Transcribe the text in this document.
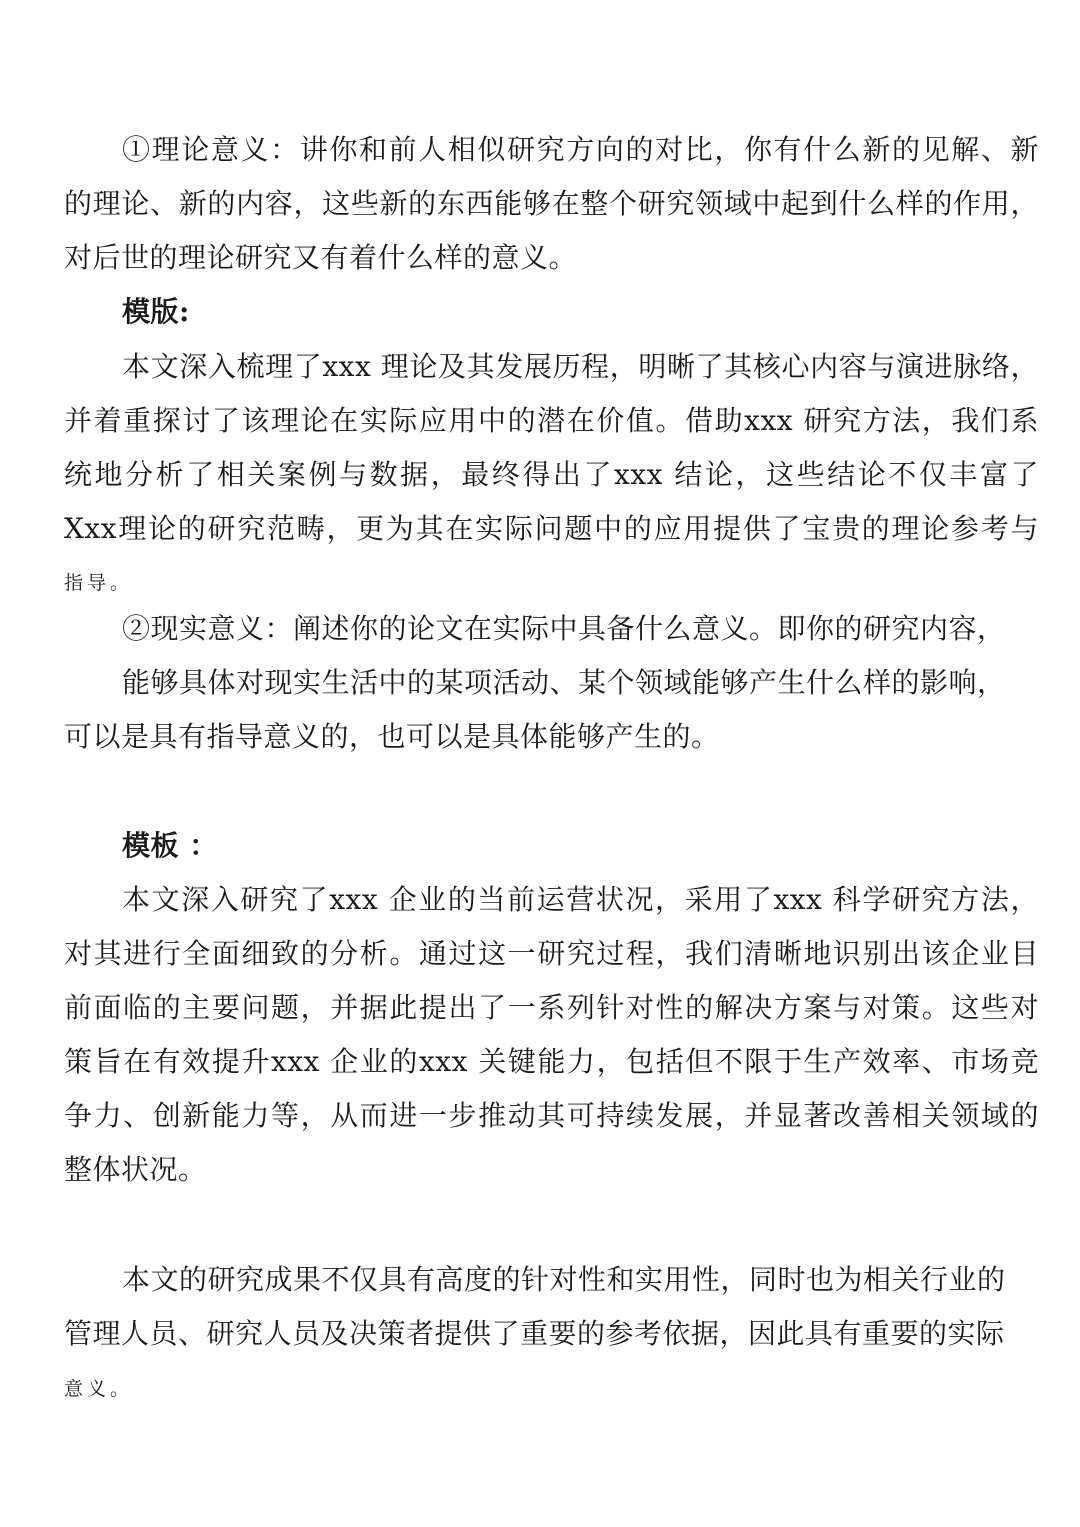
①理论意义：讲你和前人相似研究方向的对比，你有什么新的见解、新
的理论、新的内容，这些新的东西能够在整个研究领域中起到什么样的作用，
对后世的理论研究又有着什么样的意义。
模版:
本文深入梳理了xxx 理论及其发展历程，明晰了其核心内容与演进脉络，
并着重探讨了该理论在实际应用中的潜在价值。借助xxx 研究方法，我们系
统地分析了相关案例与数据，最终得出了xxx 结论，这些结论不仅丰富了
Xxx理论的研究范畴，更为其在实际问题中的应用提供了宝贵的理论参考与
指导。
②现实意义：阐述你的论文在实际中具备什么意义。即你的研究内容，
能够具体对现实生活中的某项活动、某个领域能够产生什么样的影响，
可以是具有指导意义的，也可以是具体能够产生的。
模板 ：
本文深入研究了xxx 企业的当前运营状况，采用了xxx 科学研究方法，
对其进行全面细致的分析。通过这一研究过程，我们清晰地识别出该企业目
前面临的主要问题，并据此提出了一系列针对性的解决方案与对策。这些对
策旨在有效提升xxx 企业的xxx 关键能力，包括但不限于生产效率、市场竞
争力、创新能力等，从而进一步推动其可持续发展，并显著改善相关领域的
整体状况。
本文的研究成果不仅具有高度的针对性和实用性，同时也为相关行业的
管理人员、研究人员及决策者提供了重要的参考依据，因此具有重要的实际
意义。
